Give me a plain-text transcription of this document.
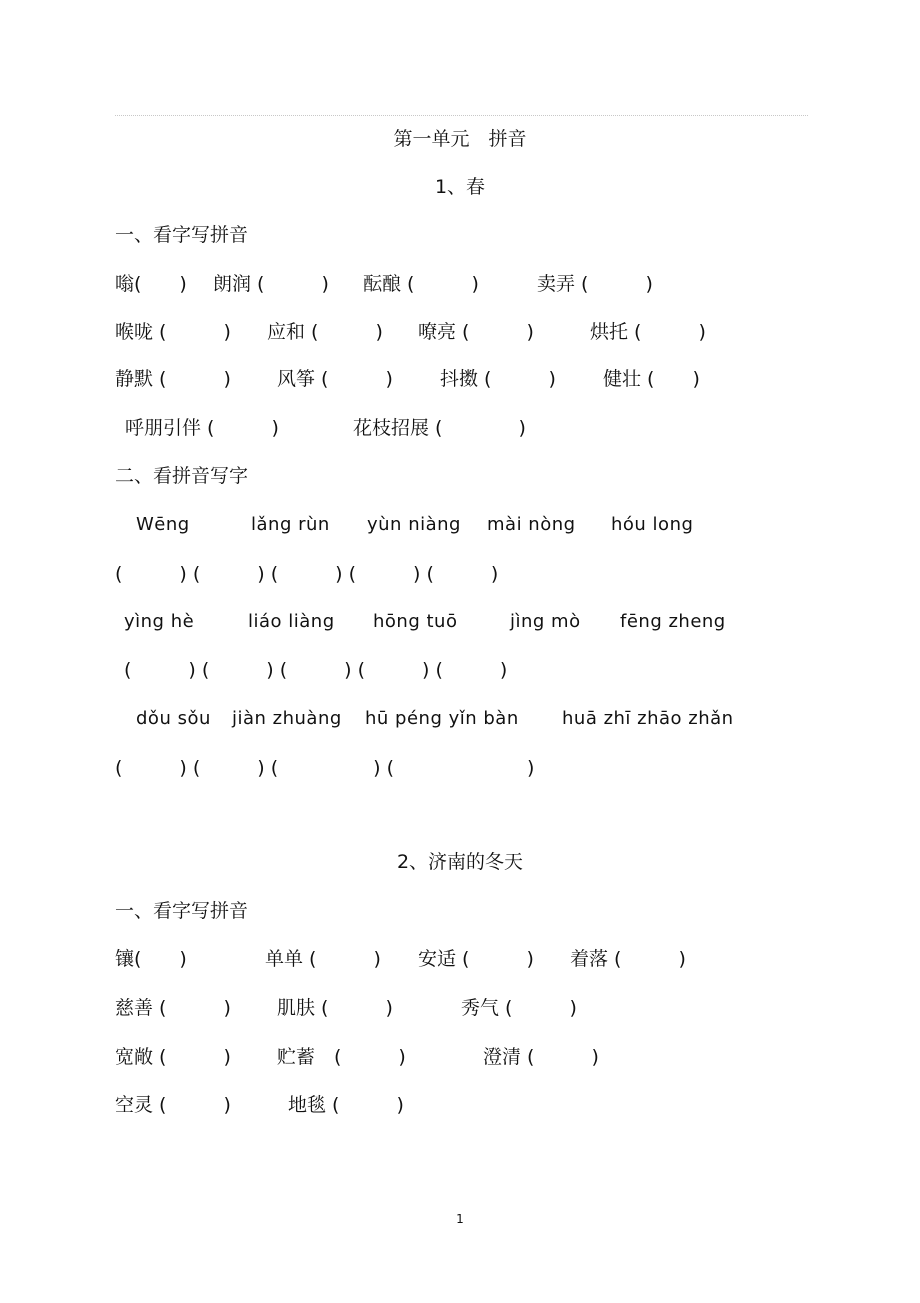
第一单元　拼音
1、春
一、看字写拼音
嗡(　　) 朗润 (　　　) 酝酿 (　　　)	卖弄 (　　　)
喉咙 (　　　) 应和 (　　　) 嘹亮 (　　　)	烘托 (　　　)
静默 (　　　) 风筝 (　　　) 抖擞 (　　　) 健壮 (　　)
呼朋引伴 (　　　)	花枝招展 (　　　　)
二、看拼音写字
Wēng	lǎng rùn yùn niàng mài nòng hóu long
(　　　) (　　　) (　　　) (　　　) (　　　)
yìng hè	liáo liàng hōng tuō	jìng mò fēng zheng
(　　　) (　　　) (　　　) (　　　) (　　　)
dǒu sǒu jiàn zhuàng hū péng yǐn bàn huā zhī zhāo zhǎn
(　　　) (　　　) (　　　　　) (　　　　　　　)
2、济南的冬天
一、看字写拼音
镶(　　)	单单 (　　　) 安适 (　　　) 着落 (　　　)
慈善 (　　　) 肌肤 (　　　)	秀气 (　　　)
宽敞 (　　　) 贮蓄　(　　　)	澄清 (　　　)
空灵 (　　　)	地毯 (　　　)
1
